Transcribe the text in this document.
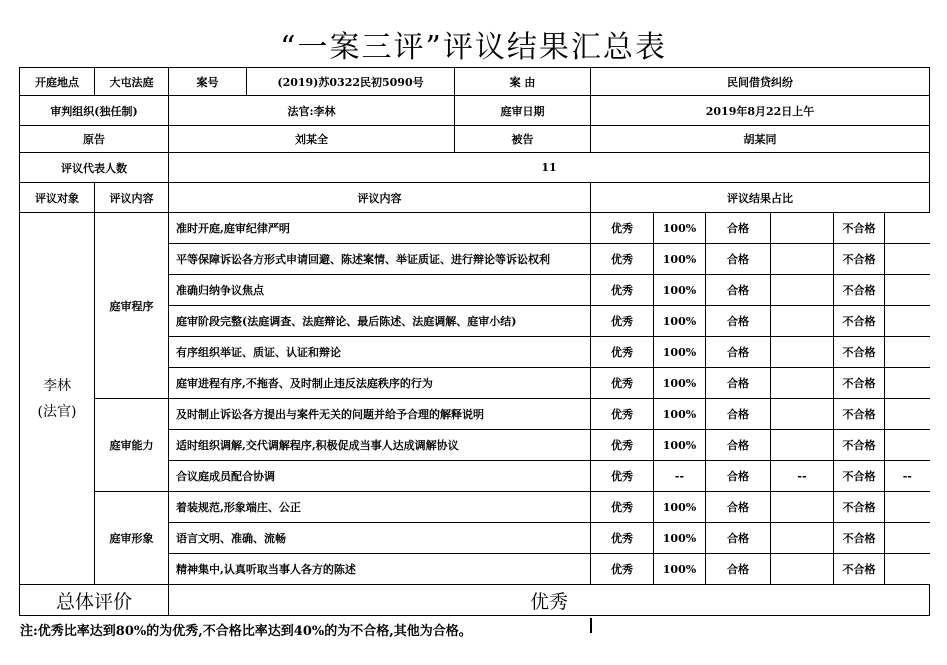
“一案三评”评议结果汇总表
开庭地点	大屯法庭	案号	(2019)苏0322民初5090号	案 由	民间借贷纠纷					
审判组织(独任制)		法官:李林		庭审日期	2019年8月22日上午					
原告		刘某全		被告	胡某同					
评议代表人数		11								
评议对象	评议内容	评议内容			评议结果占比					

李林
(法官)	庭审程序	准时开庭,庭审纪律严明			优秀	100%	合格		不合格	
		平等保障诉讼各方形式申请回避、陈述案情、举证质证、进行辩论等诉讼权利			优秀	100%	合格		不合格	
		准确归纳争议焦点			优秀	100%	合格		不合格	
		庭审阶段完整(法庭调查、法庭辩论、最后陈述、法庭调解、庭审小结)			优秀	100%	合格		不合格	
		有序组织举证、质证、认证和辩论			优秀	100%	合格		不合格	
		庭审进程有序,不拖沓、及时制止违反法庭秩序的行为			优秀	100%	合格		不合格	
	庭审能力	及时制止诉讼各方提出与案件无关的问题并给予合理的解释说明			优秀	100%	合格		不合格	
		适时组织调解,交代调解程序,积极促成当事人达成调解协议			优秀	100%	合格		不合格	
		合议庭成员配合协调			优秀	--	合格	--	不合格	--
	庭审形象	着装规范,形象端庄、公正			优秀	100%	合格		不合格	
		语言文明、准确、流畅			优秀	100%	合格		不合格	
		精神集中,认真听取当事人各方的陈述			优秀	100%	合格		不合格	
总体评价		优秀								
注:优秀比率达到80%的为优秀,不合格比率达到40%的为不合格,其他为合格。
